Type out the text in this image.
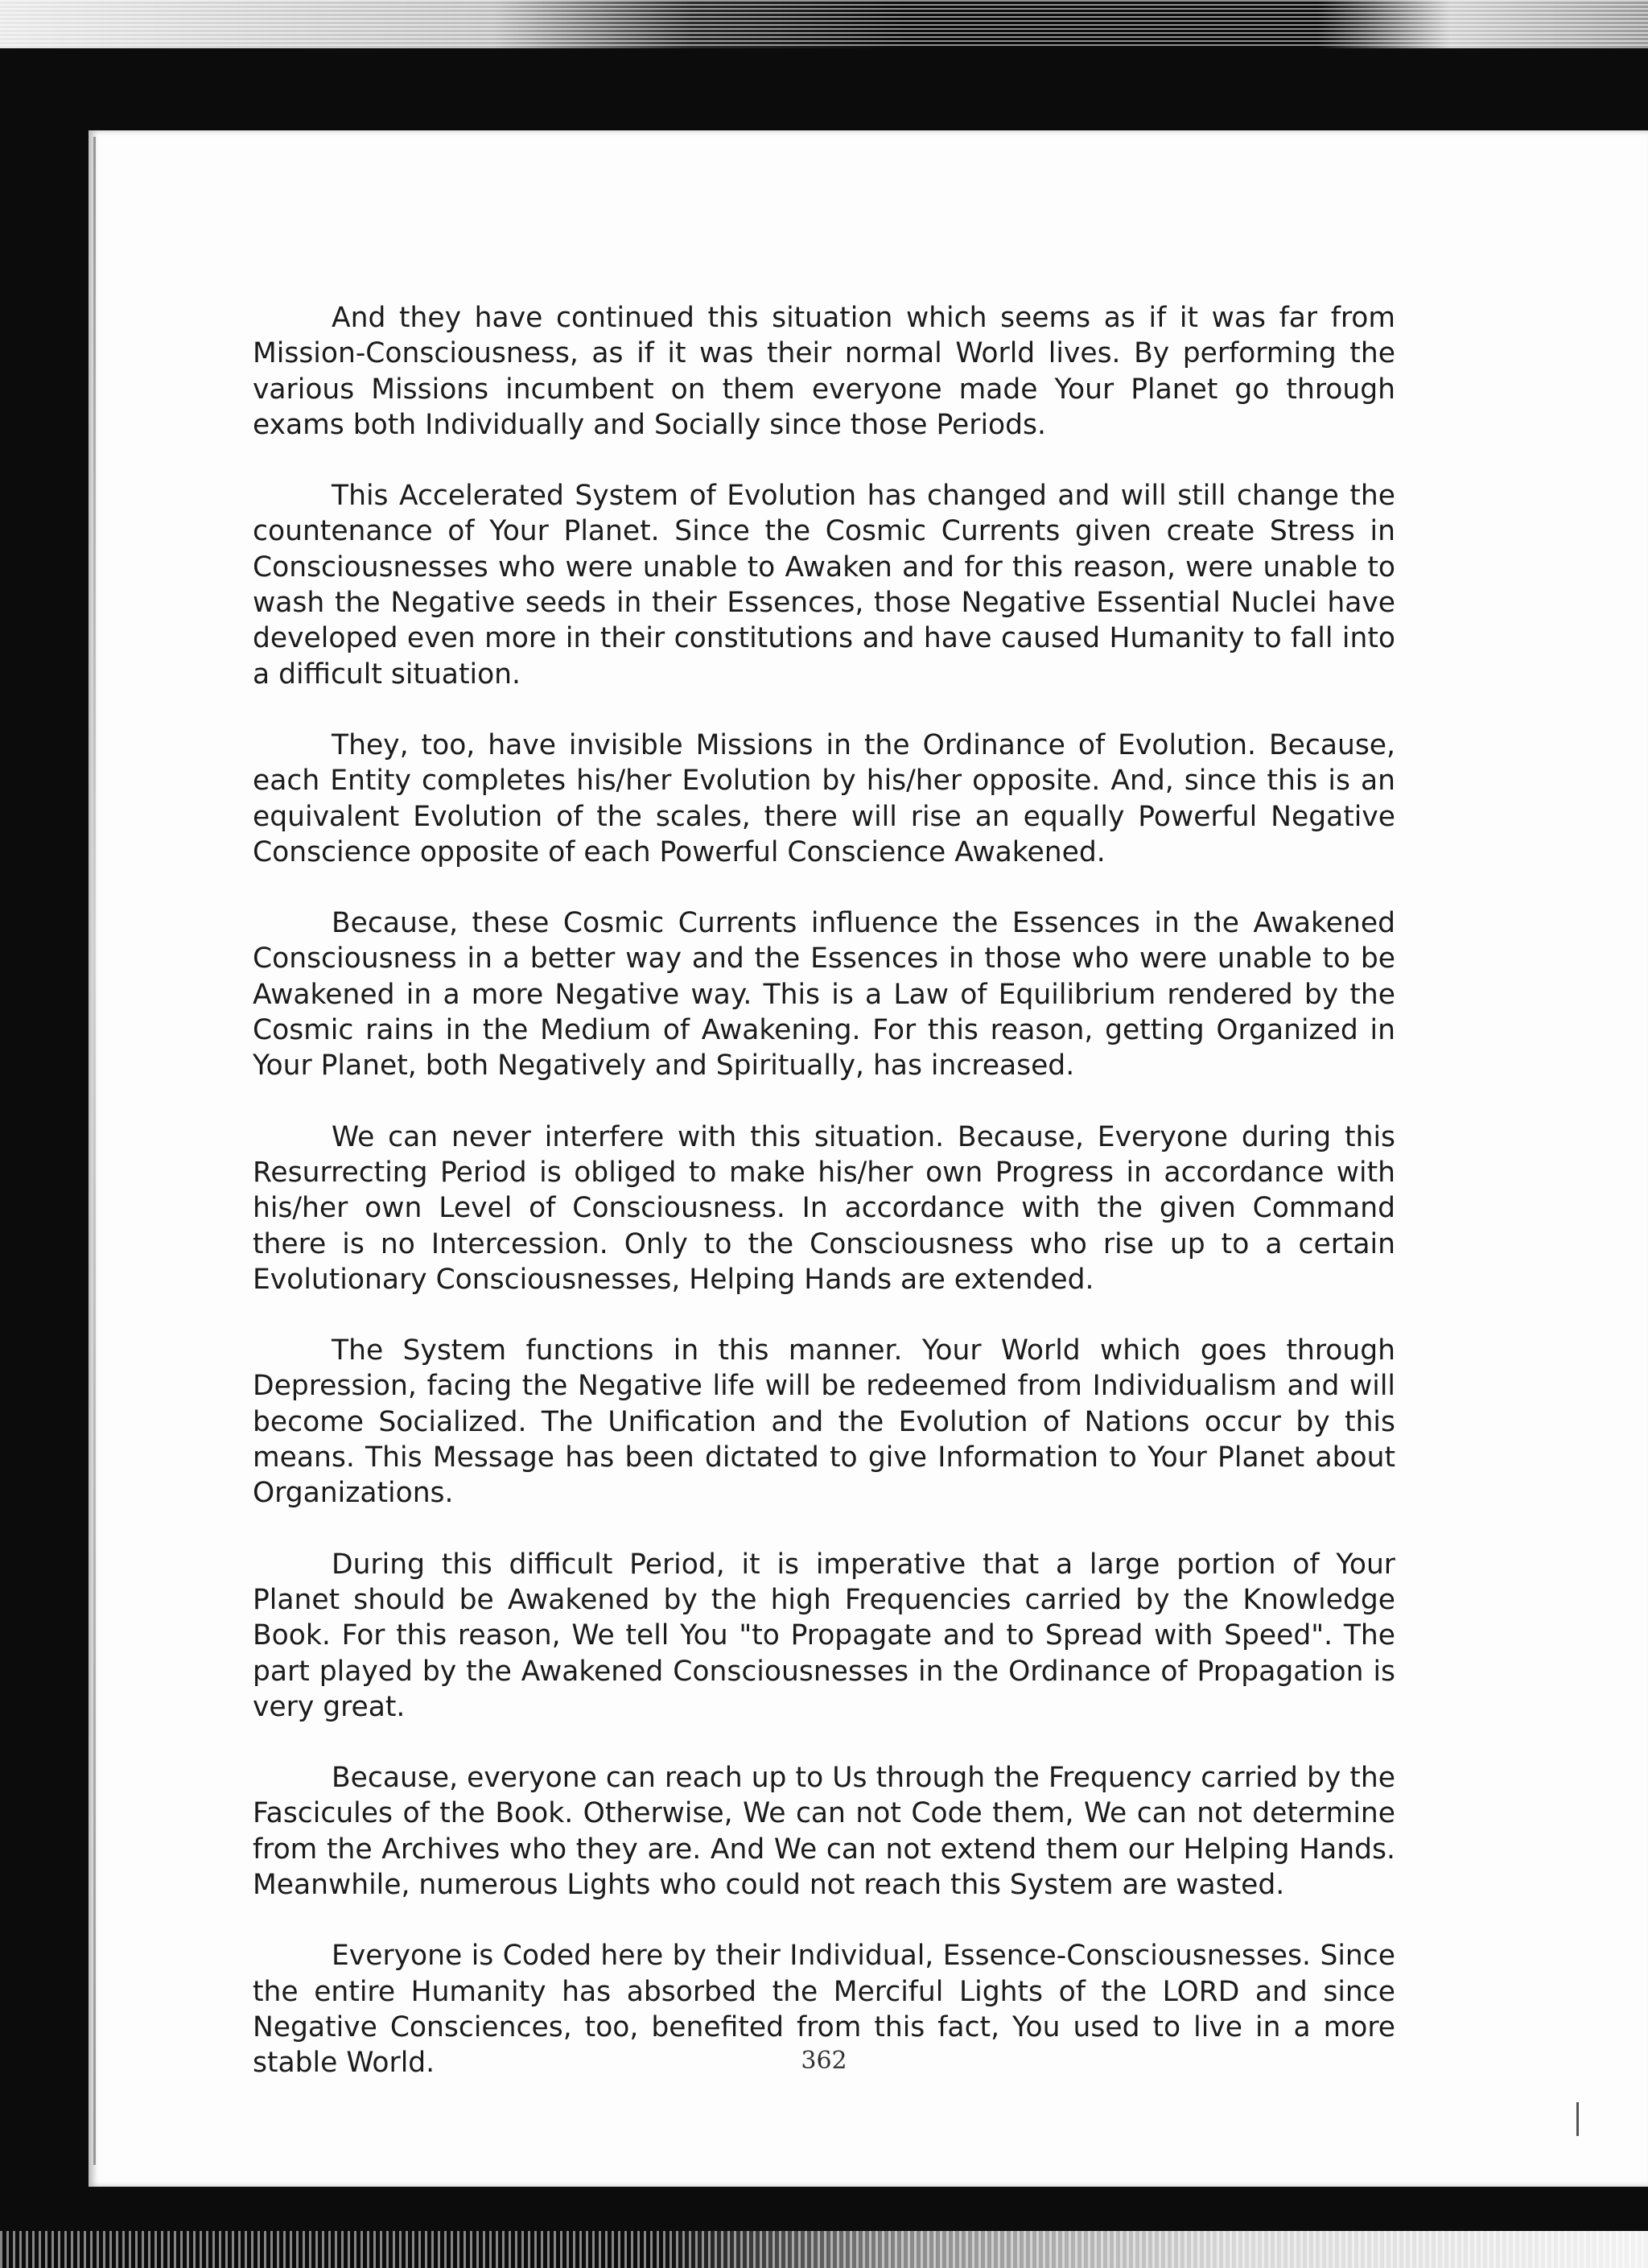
And they have continued this situation which seems as if it was far from Mission-Consciousness, as if it was their normal World lives. By performing the various Missions incumbent on them everyone made Your Planet go through exams both Individually and Socially since those Periods.

This Accelerated System of Evolution has changed and will still change the countenance of Your Planet. Since the Cosmic Currents given create Stress in Consciousnesses who were unable to Awaken and for this reason, were unable to wash the Negative seeds in their Essences, those Negative Essential Nuclei have developed even more in their constitutions and have caused Humanity to fall into a difficult situation.

They, too, have invisible Missions in the Ordinance of Evolution. Because, each Entity completes his/her Evolution by his/her opposite. And, since this is an equivalent Evolution of the scales, there will rise an equally Powerful Negative Conscience opposite of each Powerful Conscience Awakened.

Because, these Cosmic Currents influence the Essences in the Awakened Consciousness in a better way and the Essences in those who were unable to be Awakened in a more Negative way. This is a Law of Equilibrium rendered by the Cosmic rains in the Medium of Awakening. For this reason, getting Organized in Your Planet, both Negatively and Spiritually, has increased.

We can never interfere with this situation. Because, Everyone during this Resurrecting Period is obliged to make his/her own Progress in accordance with his/her own Level of Consciousness. In accordance with the given Command there is no Intercession. Only to the Consciousness who rise up to a certain Evolutionary Consciousnesses, Helping Hands are extended.

The System functions in this manner. Your World which goes through Depression, facing the Negative life will be redeemed from Individualism and will become Socialized. The Unification and the Evolution of Nations occur by this means. This Message has been dictated to give Information to Your Planet about Organizations.

During this difficult Period, it is imperative that a large portion of Your Planet should be Awakened by the high Frequencies carried by the Knowledge Book. For this reason, We tell You "to Propagate and to Spread with Speed". The part played by the Awakened Consciousnesses in the Ordinance of Propagation is very great.

Because, everyone can reach up to Us through the Frequency carried by the Fascicules of the Book. Otherwise, We can not Code them, We can not determine from the Archives who they are. And We can not extend them our Helping Hands. Meanwhile, numerous Lights who could not reach this System are wasted.

Everyone is Coded here by their Individual, Essence-Consciousnesses. Since the entire Humanity has absorbed the Merciful Lights of the LORD and since Negative Consciences, too, benefited from this fact, You used to live in a more stable World.	362
